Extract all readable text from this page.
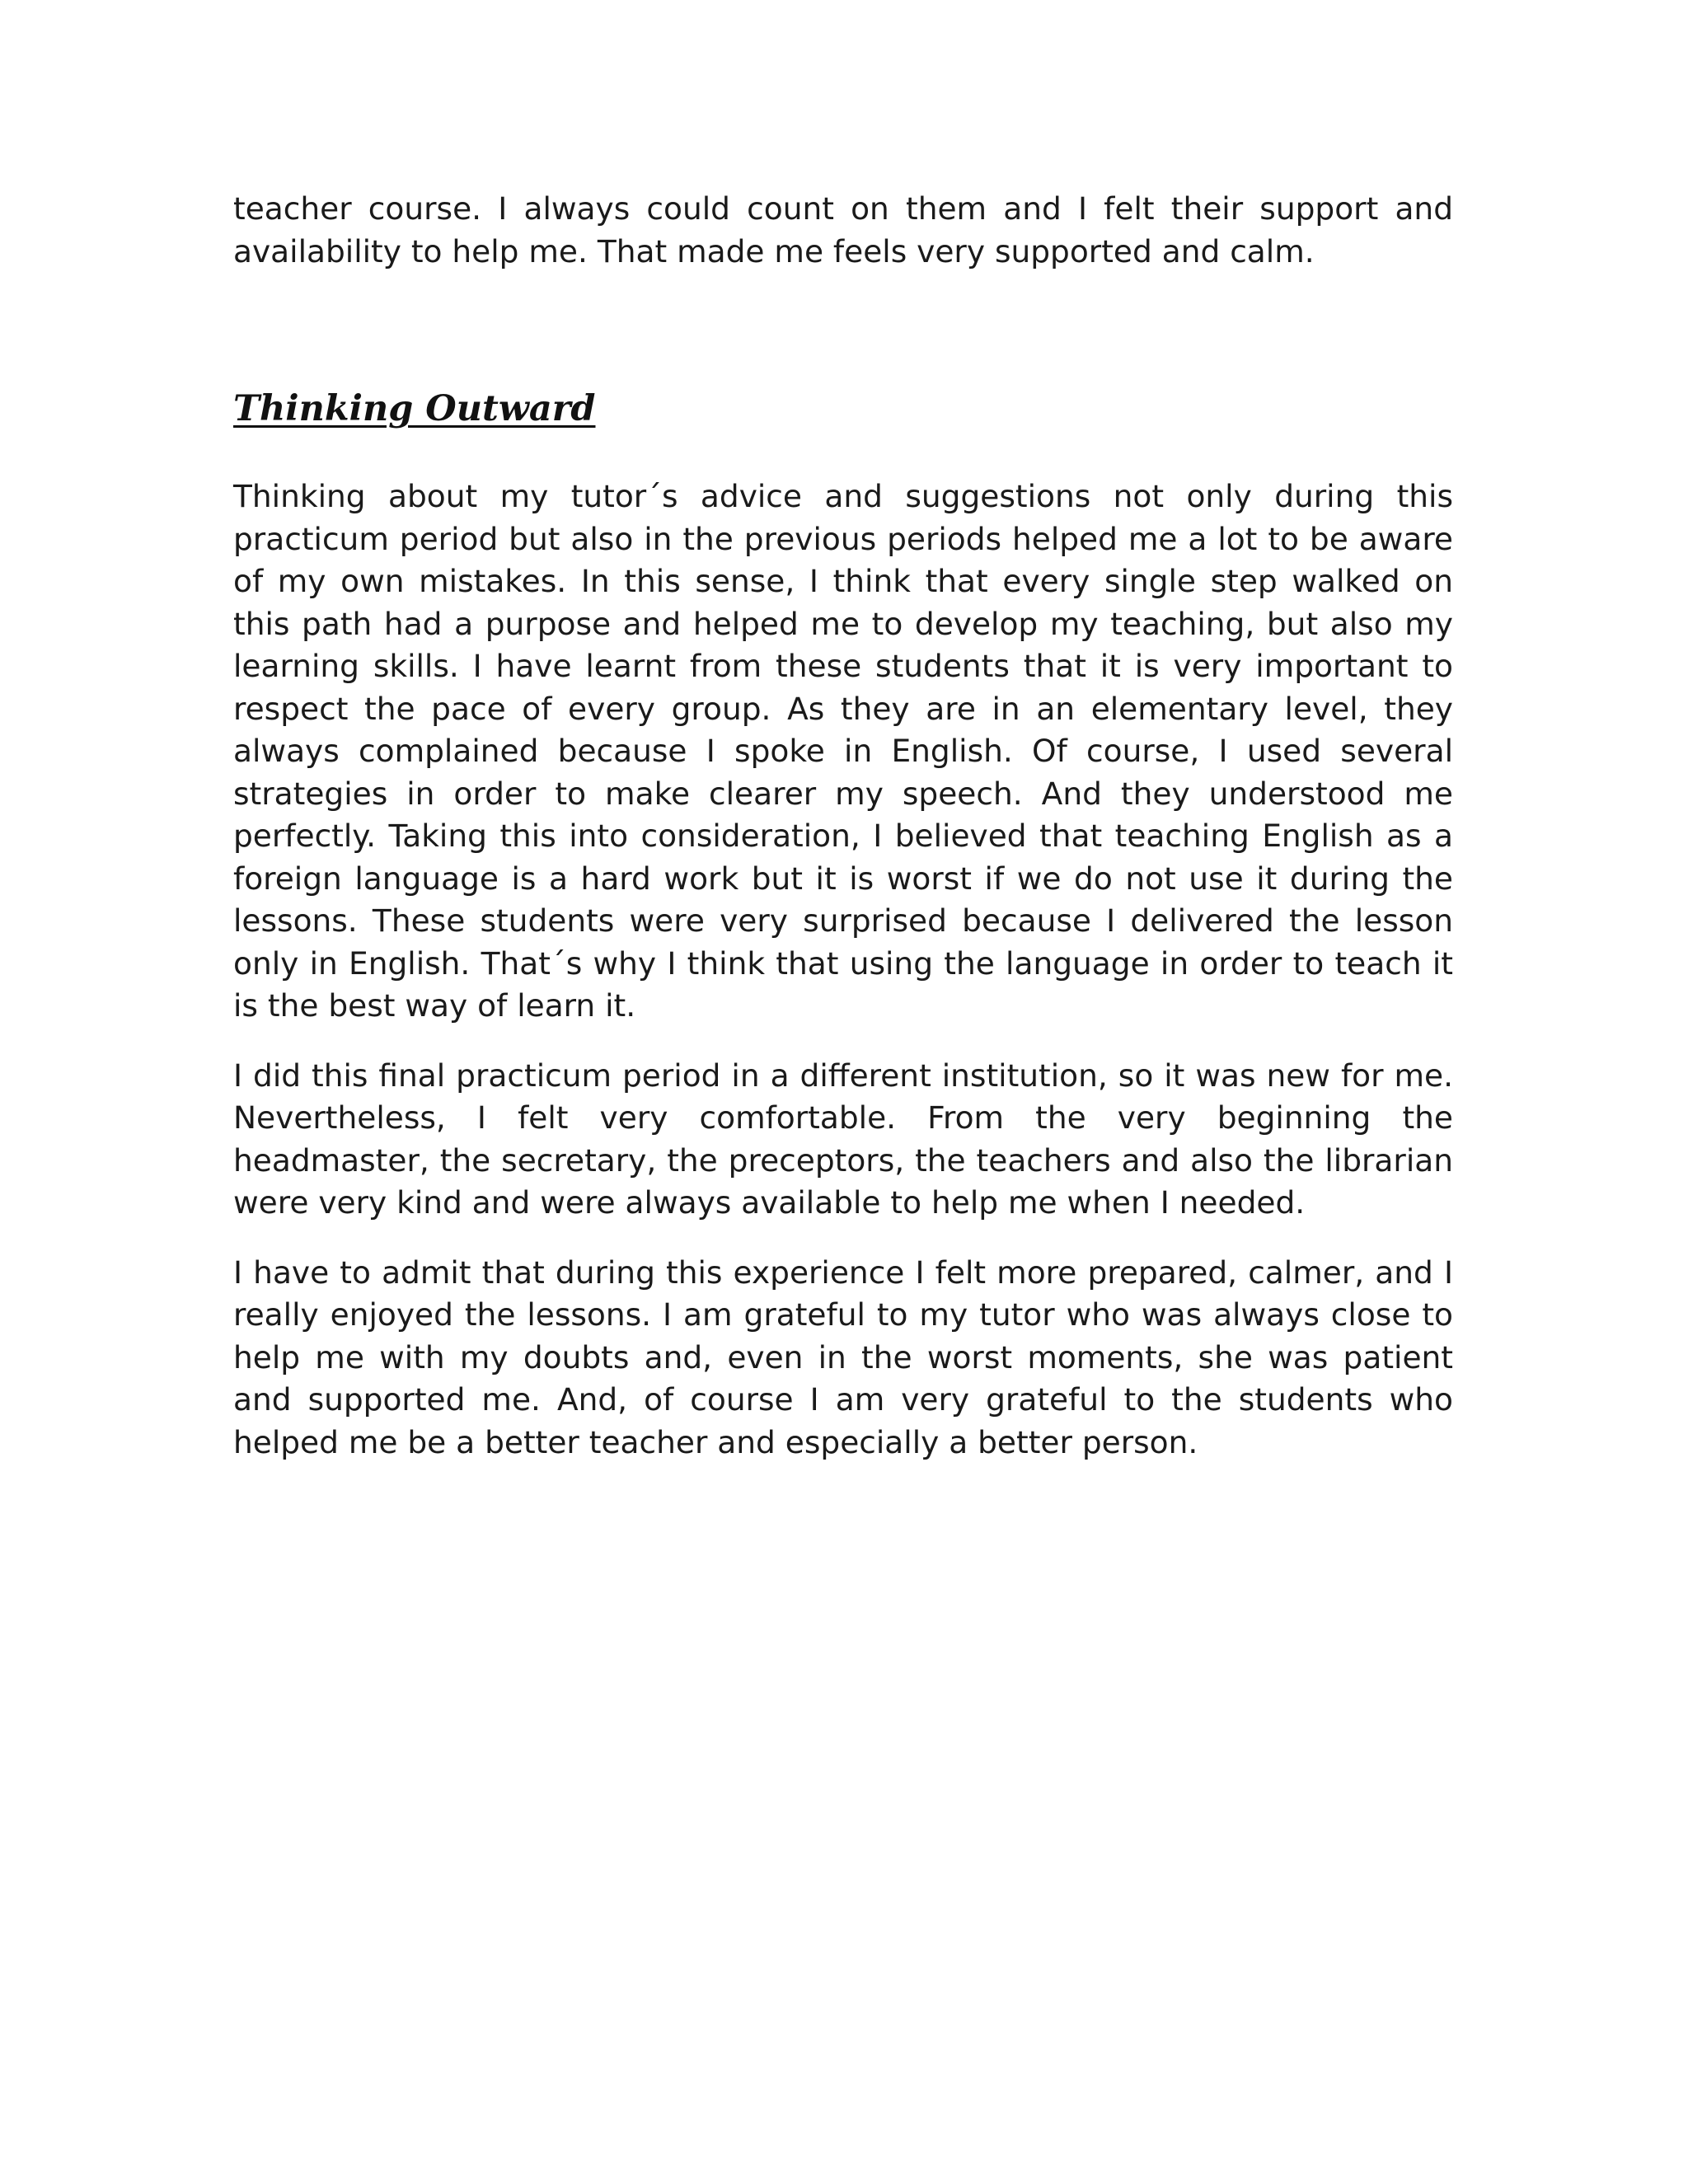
teacher course. I always could count on them and I felt their support and availability to help me. That made me feels very supported and calm.

Thinking Outward

Thinking about my tutor´s advice and suggestions not only during this practicum period but also in the previous periods helped me a lot to be aware of my own mistakes. In this sense, I think that every single step walked on this path had a purpose and helped me to develop my teaching, but also my learning skills. I have learnt from these students that it is very important to respect the pace of every group. As they are in an elementary level, they always complained because I spoke in English. Of course, I used several strategies in order to make clearer my speech. And they understood me perfectly. Taking this into consideration, I believed that teaching English as a foreign language is a hard work but it is worst if we do not use it during the lessons. These students were very surprised because I delivered the lesson only in English. That´s why I think that using the language in order to teach it is the best way of learn it.

I did this final practicum period in a different institution, so it was new for me. Nevertheless, I felt very comfortable. From the very beginning the headmaster, the secretary, the preceptors, the teachers and also the librarian were very kind and were always available to help me when I needed.

I have to admit that during this experience I felt more prepared, calmer, and I really enjoyed the lessons. I am grateful to my tutor who was always close to help me with my doubts and, even in the worst moments, she was patient and supported me. And, of course I am very grateful to the students who helped me be a better teacher and especially a better person.
